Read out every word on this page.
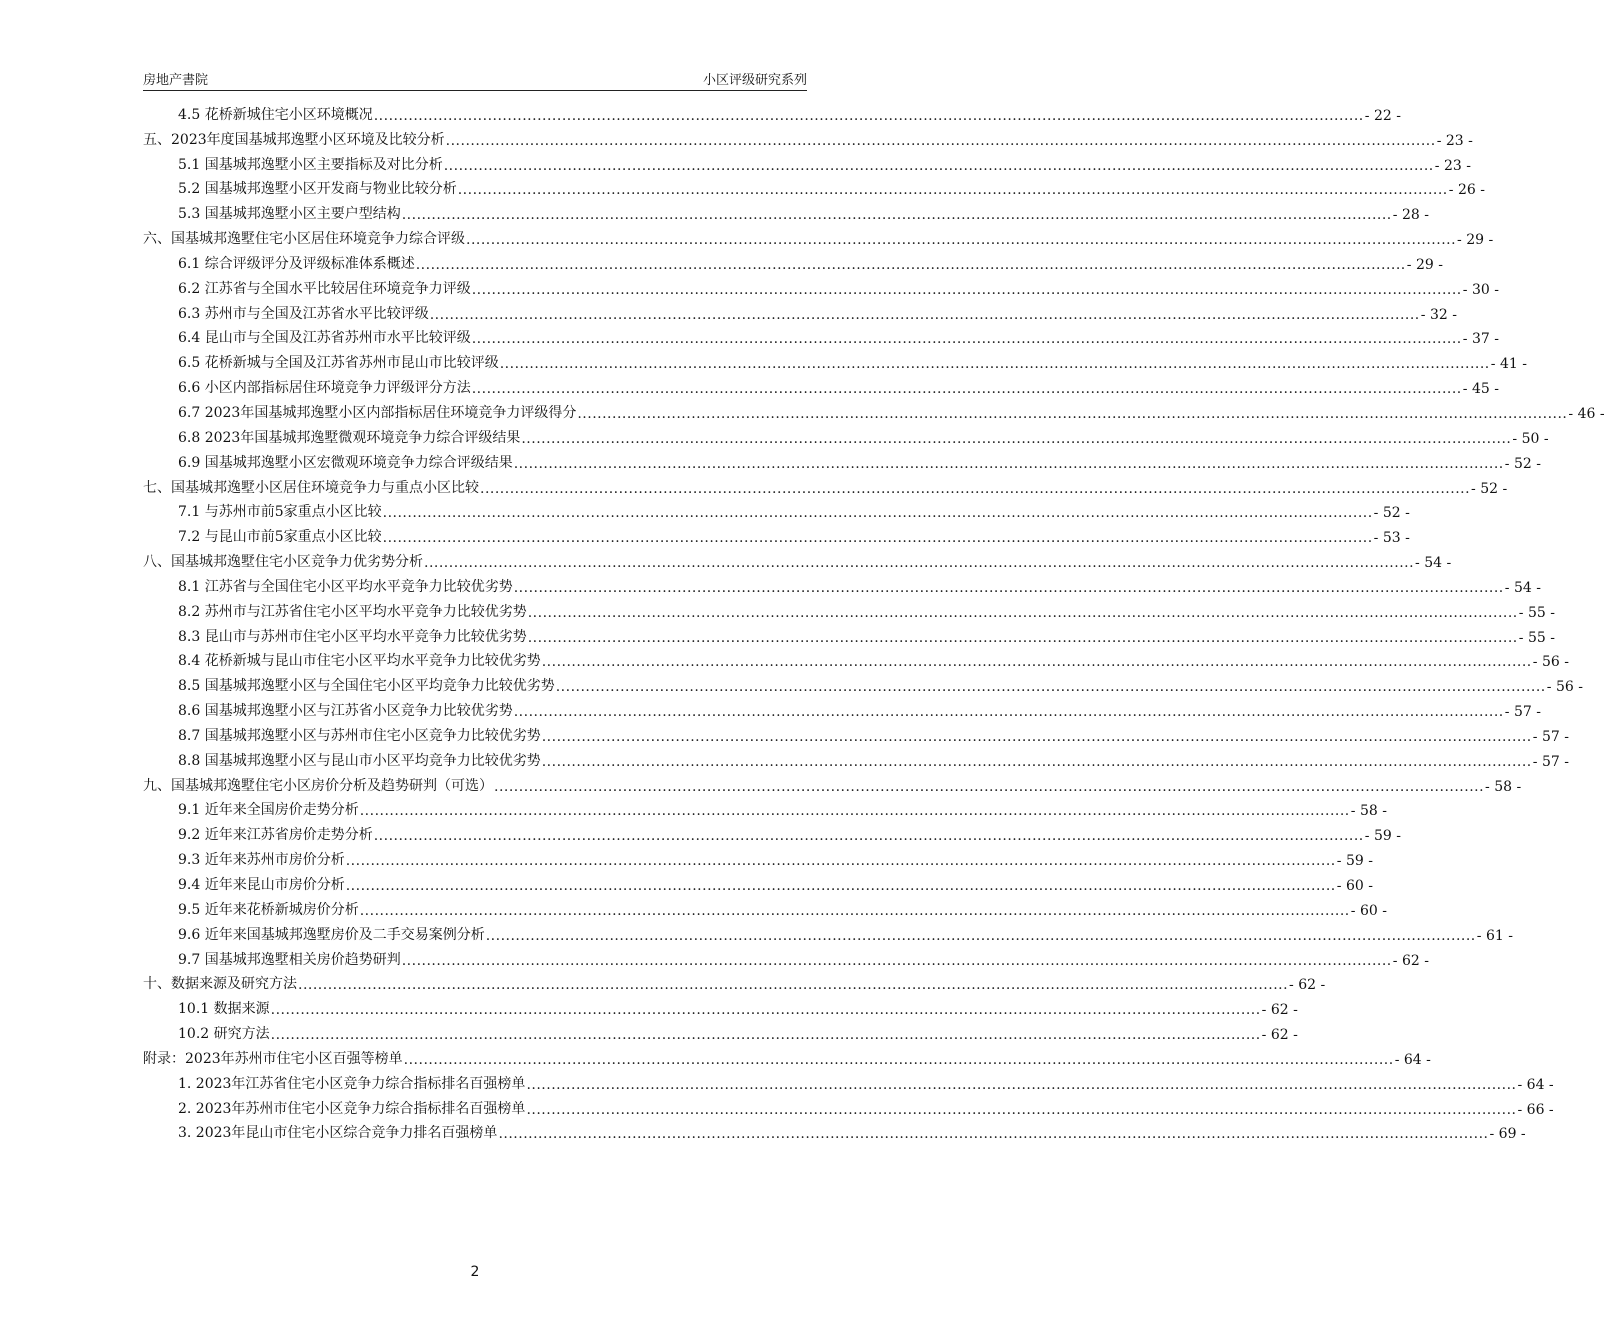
房地产書院	小区评级研究系列
4.5 花桥新城住宅小区环境概况 ........................................................................................................................................................................................................ - 22 -
五、2023年度国基城邦逸墅小区环境及比较分析 ........................................................................................................................................................................................................ - 23 -
5.1 国基城邦逸墅小区主要指标及对比分析 ........................................................................................................................................................................................................ - 23 -
5.2 国基城邦逸墅小区开发商与物业比较分析 ........................................................................................................................................................................................................ - 26 -
5.3 国基城邦逸墅小区主要户型结构 ........................................................................................................................................................................................................ - 28 -
六、国基城邦逸墅住宅小区居住环境竞争力综合评级 ........................................................................................................................................................................................................ - 29 -
6.1 综合评级评分及评级标准体系概述 ........................................................................................................................................................................................................ - 29 -
6.2 江苏省与全国水平比较居住环境竞争力评级 ........................................................................................................................................................................................................ - 30 -
6.3 苏州市与全国及江苏省水平比较评级 ........................................................................................................................................................................................................ - 32 -
6.4 昆山市与全国及江苏省苏州市水平比较评级 ........................................................................................................................................................................................................ - 37 -
6.5 花桥新城与全国及江苏省苏州市昆山市比较评级 ........................................................................................................................................................................................................ - 41 -
6.6 小区内部指标居住环境竞争力评级评分方法 ........................................................................................................................................................................................................ - 45 -
6.7 2023年国基城邦逸墅小区内部指标居住环境竞争力评级得分 ........................................................................................................................................................................................................ - 46 -
6.8 2023年国基城邦逸墅微观环境竞争力综合评级结果 ........................................................................................................................................................................................................ - 50 -
6.9 国基城邦逸墅小区宏微观环境竞争力综合评级结果 ........................................................................................................................................................................................................ - 52 -
七、国基城邦逸墅小区居住环境竞争力与重点小区比较 ........................................................................................................................................................................................................ - 52 -
7.1 与苏州市前5家重点小区比较 ........................................................................................................................................................................................................ - 52 -
7.2 与昆山市前5家重点小区比较 ........................................................................................................................................................................................................ - 53 -
八、国基城邦逸墅住宅小区竞争力优劣势分析 ........................................................................................................................................................................................................ - 54 -
8.1 江苏省与全国住宅小区平均水平竞争力比较优劣势 ........................................................................................................................................................................................................ - 54 -
8.2 苏州市与江苏省住宅小区平均水平竞争力比较优劣势 ........................................................................................................................................................................................................ - 55 -
8.3 昆山市与苏州市住宅小区平均水平竞争力比较优劣势 ........................................................................................................................................................................................................ - 55 -
8.4 花桥新城与昆山市住宅小区平均水平竞争力比较优劣势 ........................................................................................................................................................................................................ - 56 -
8.5 国基城邦逸墅小区与全国住宅小区平均竞争力比较优劣势 ........................................................................................................................................................................................................ - 56 -
8.6 国基城邦逸墅小区与江苏省小区竞争力比较优劣势 ........................................................................................................................................................................................................ - 57 -
8.7 国基城邦逸墅小区与苏州市住宅小区竞争力比较优劣势 ........................................................................................................................................................................................................ - 57 -
8.8 国基城邦逸墅小区与昆山市小区平均竞争力比较优劣势 ........................................................................................................................................................................................................ - 57 -
九、国基城邦逸墅住宅小区房价分析及趋势研判（可选） ........................................................................................................................................................................................................ - 58 -
9.1 近年来全国房价走势分析 ........................................................................................................................................................................................................ - 58 -
9.2 近年来江苏省房价走势分析 ........................................................................................................................................................................................................ - 59 -
9.3 近年来苏州市房价分析 ........................................................................................................................................................................................................ - 59 -
9.4 近年来昆山市房价分析 ........................................................................................................................................................................................................ - 60 -
9.5 近年来花桥新城房价分析 ........................................................................................................................................................................................................ - 60 -
9.6 近年来国基城邦逸墅房价及二手交易案例分析 ........................................................................................................................................................................................................ - 61 -
9.7 国基城邦逸墅相关房价趋势研判 ........................................................................................................................................................................................................ - 62 -
十、数据来源及研究方法 ........................................................................................................................................................................................................ - 62 -
10.1 数据来源 ........................................................................................................................................................................................................ - 62 -
10.2 研究方法 ........................................................................................................................................................................................................ - 62 -
附录：2023年苏州市住宅小区百强等榜单 ........................................................................................................................................................................................................ - 64 -
1. 2023年江苏省住宅小区竞争力综合指标排名百强榜单 ........................................................................................................................................................................................................ - 64 -
2. 2023年苏州市住宅小区竞争力综合指标排名百强榜单 ........................................................................................................................................................................................................ - 66 -
3. 2023年昆山市住宅小区综合竞争力排名百强榜单 ........................................................................................................................................................................................................ - 69 -
2
